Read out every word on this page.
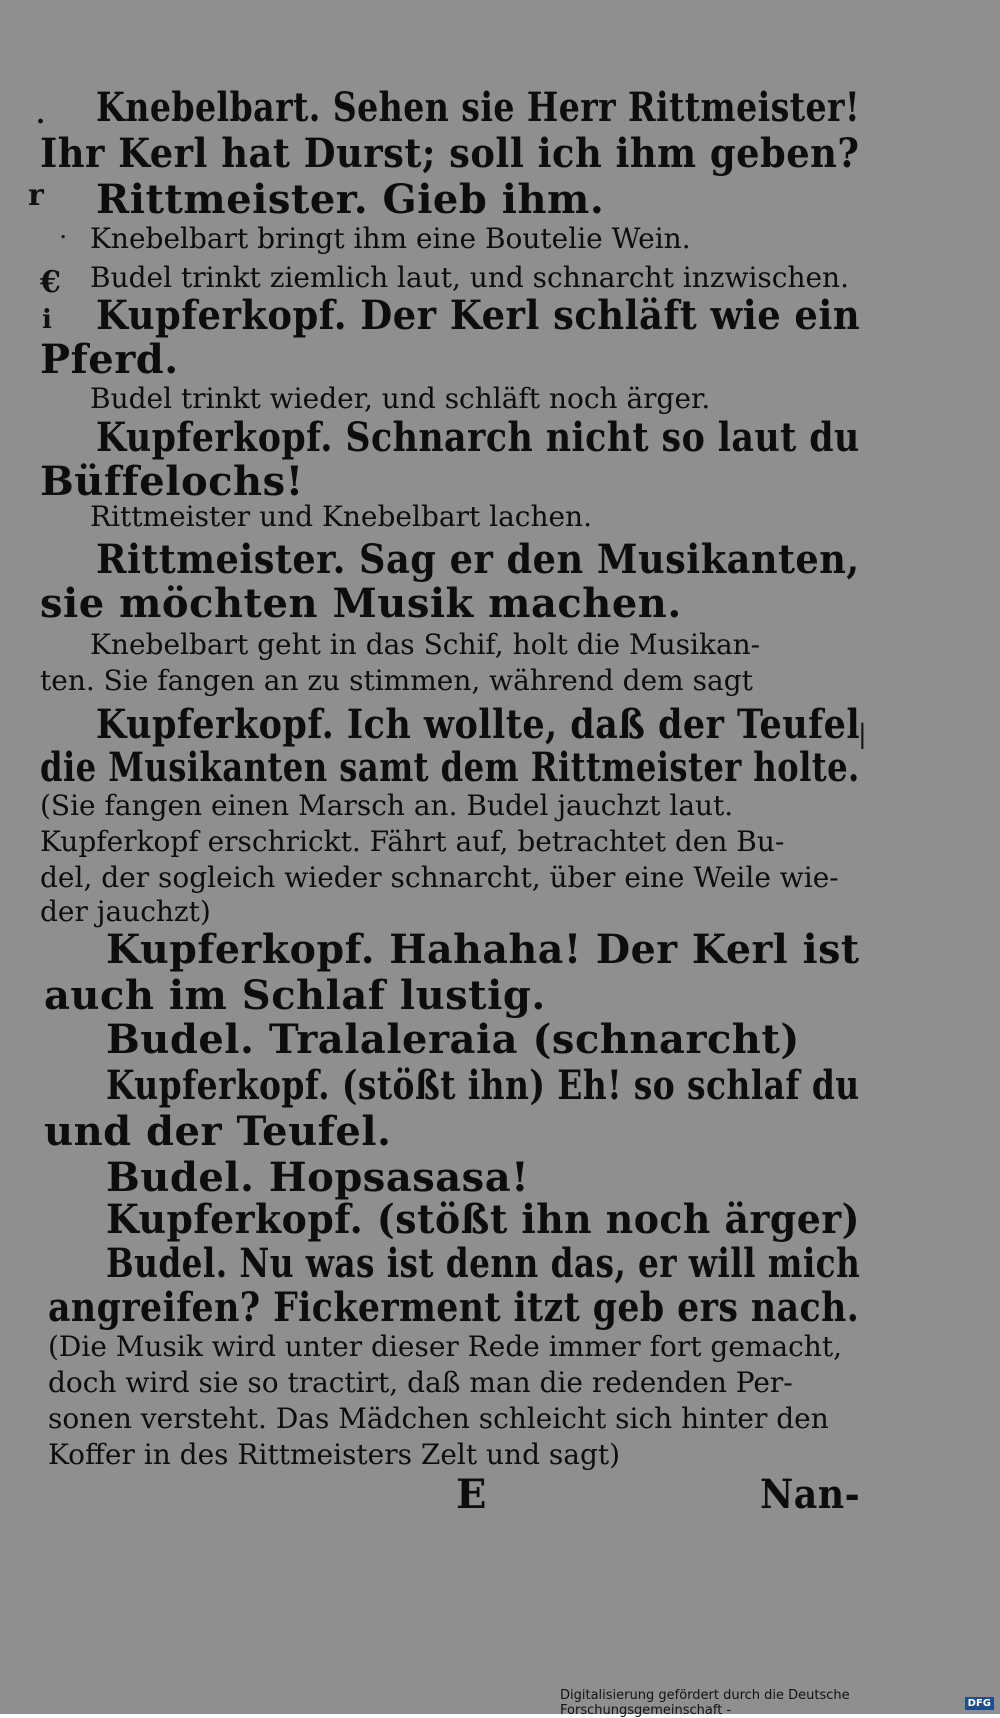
.
r
.
€
i
|
Knebelbart. Sehen sie Herr Rittmeister!
Ihr Kerl hat Durst; soll ich ihm geben?
Rittmeister. Gieb ihm.
Knebelbart bringt ihm eine Boutelie Wein.
Budel trinkt ziemlich laut, und schnarcht inzwischen.
Kupferkopf. Der Kerl schläft wie ein
Pferd.
Budel trinkt wieder, und schläft noch ärger.
Kupferkopf. Schnarch nicht so laut du
Büffelochs!
Rittmeister und Knebelbart lachen.
Rittmeister. Sag er den Musikanten,
sie möchten Musik machen.
Knebelbart geht in das Schif, holt die Musikan-
ten. Sie fangen an zu stimmen, während dem sagt
Kupferkopf. Ich wollte, daß der Teufel
die Musikanten samt dem Rittmeister holte.
(Sie fangen einen Marsch an. Budel jauchzt laut.
Kupferkopf erschrickt. Fährt auf, betrachtet den Bu-
del, der sogleich wieder schnarcht, über eine Weile wie-
der jauchzt)
Kupferkopf. Hahaha! Der Kerl ist
auch im Schlaf lustig.
Budel. Tralaleraia (schnarcht)
Kupferkopf. (stößt ihn) Eh! so schlaf du
und der Teufel.
Budel. Hopsasasa!
Kupferkopf. (stößt ihn noch ärger)
Budel. Nu was ist denn das, er will mich
angreifen? Fickerment itzt geb ers nach.
(Die Musik wird unter dieser Rede immer fort gemacht,
doch wird sie so tractirt, daß man die redenden Per-
sonen versteht. Das Mädchen schleicht sich hinter den
Koffer in des Rittmeisters Zelt und sagt)
E	Nan-
Digitalisierung gefördert durch die Deutsche Forschungsgemeinschaft -	DFG
